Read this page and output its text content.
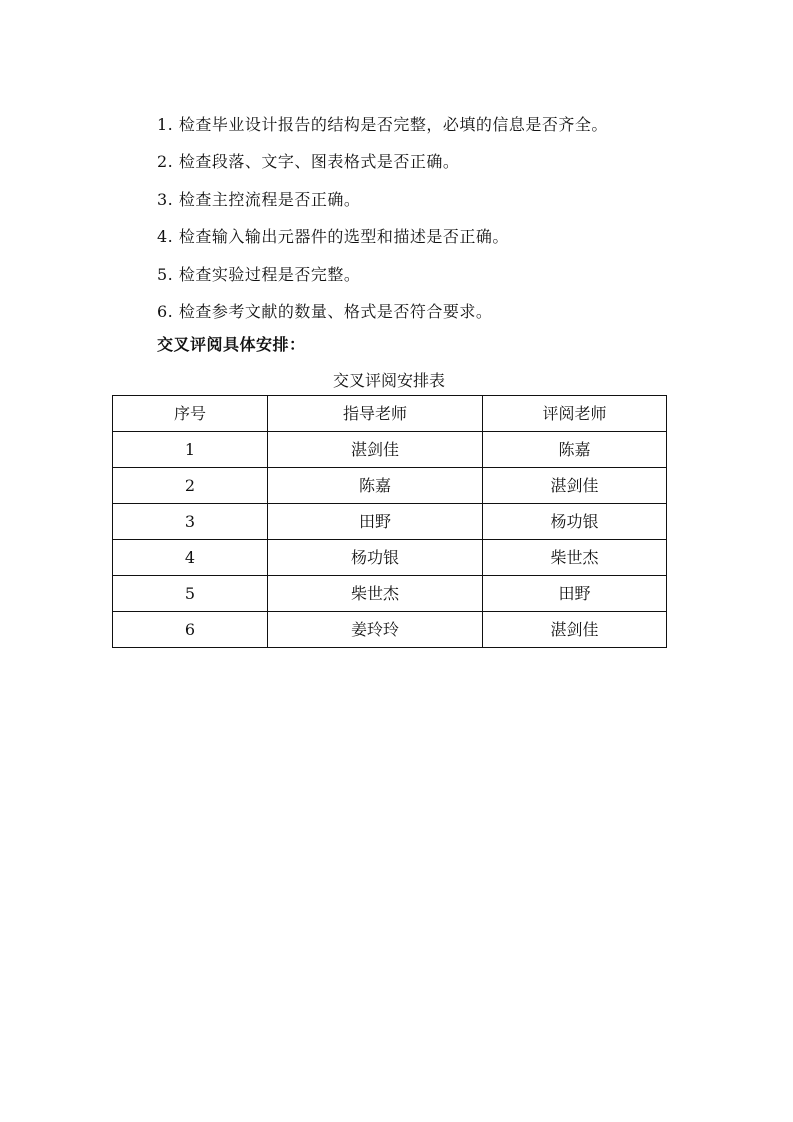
1. 检查毕业设计报告的结构是否完整，必填的信息是否齐全。
2. 检查段落、文字、图表格式是否正确。
3. 检查主控流程是否正确。
4. 检查输入输出元器件的选型和描述是否正确。
5. 检查实验过程是否完整。
6. 检查参考文献的数量、格式是否符合要求。
交叉评阅具体安排：
交叉评阅安排表
序号	指导老师	评阅老师
1	湛剑佳	陈嘉
2	陈嘉	湛剑佳
3	田野	杨功银
4	杨功银	柴世杰
5	柴世杰	田野
6	姜玲玲	湛剑佳
